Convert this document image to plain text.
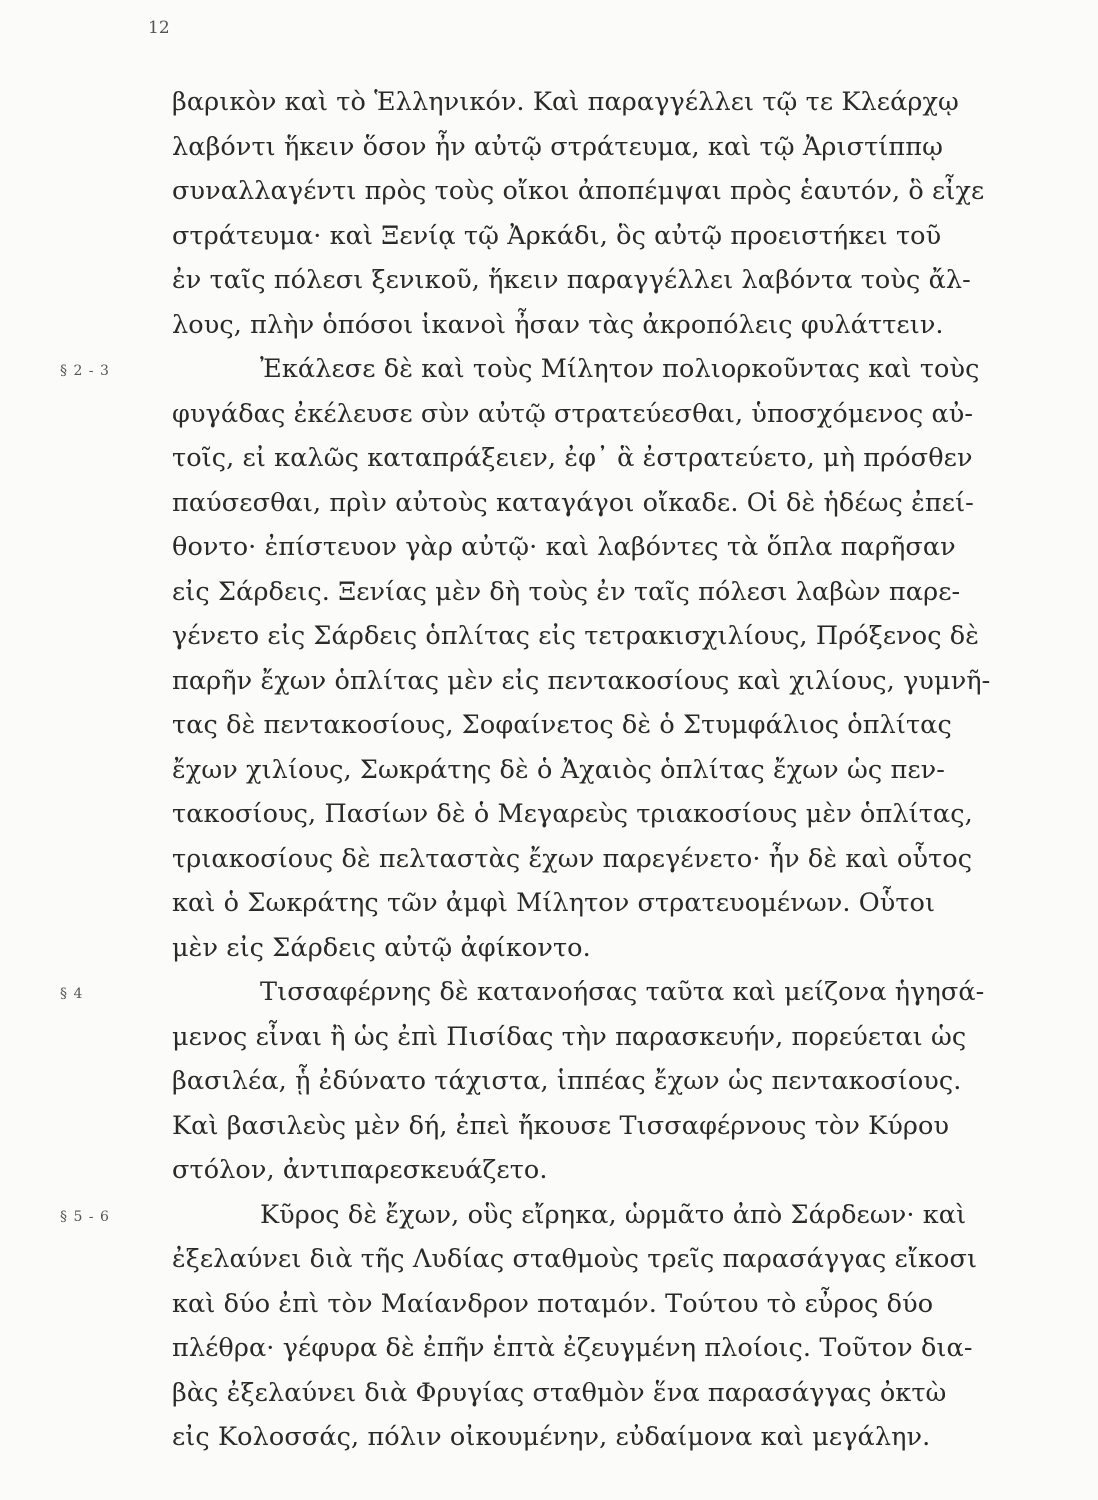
12
βαρικὸν καὶ τὸ Ἑλληνικόν. Καὶ παραγγέλλει τῷ τε Κλεάρχῳ
λαβόντι ἥκειν ὅσον ἦν αὐτῷ στράτευμα, καὶ τῷ Ἀριστίππῳ
συναλλαγέντι πρὸς τοὺς οἴκοι ἀποπέμψαι πρὸς ἑαυτόν, ὃ εἶχε
στράτευμα· καὶ Ξενίᾳ τῷ Ἀρκάδι, ὃς αὐτῷ προειστήκει τοῦ
ἐν ταῖς πόλεσι ξενικοῦ, ἥκειν παραγγέλλει λαβόντα τοὺς ἄλ-
λους, πλὴν ὁπόσοι ἱκανοὶ ἦσαν τὰς ἀκροπόλεις φυλάττειν.
§ 2 - 3	Ἐκάλεσε δὲ καὶ τοὺς Μίλητον πολιορκοῦντας καὶ τοὺς
φυγάδας ἐκέλευσε σὺν αὐτῷ στρατεύεσθαι, ὑποσχόμενος αὐ-
τοῖς, εἰ καλῶς καταπράξειεν, ἐφ᾽ ἃ ἐστρατεύετο, μὴ πρόσθεν
παύσεσθαι, πρὶν αὐτοὺς καταγάγοι οἴκαδε. Οἱ δὲ ἡδέως ἐπεί-
θοντο· ἐπίστευον γὰρ αὐτῷ· καὶ λαβόντες τὰ ὅπλα παρῆσαν
εἰς Σάρδεις. Ξενίας μὲν δὴ τοὺς ἐν ταῖς πόλεσι λαβὼν παρε-
γένετο εἰς Σάρδεις ὁπλίτας εἰς τετρακισχιλίους, Πρόξενος δὲ
παρῆν ἔχων ὁπλίτας μὲν εἰς πεντακοσίους καὶ χιλίους, γυμνῆ-
τας δὲ πεντακοσίους, Σοφαίνετος δὲ ὁ Στυμφάλιος ὁπλίτας
ἔχων χιλίους, Σωκράτης δὲ ὁ Ἀχαιὸς ὁπλίτας ἔχων ὡς πεν-
τακοσίους, Πασίων δὲ ὁ Μεγαρεὺς τριακοσίους μὲν ὁπλίτας,
τριακοσίους δὲ πελταστὰς ἔχων παρεγένετο· ἦν δὲ καὶ οὗτος
καὶ ὁ Σωκράτης τῶν ἀμφὶ Μίλητον στρατευομένων. Οὗτοι
μὲν εἰς Σάρδεις αὐτῷ ἀφίκοντο.
§ 4	Τισσαφέρνης δὲ κατανοήσας ταῦτα καὶ μείζονα ἡγησά-
μενος εἶναι ἢ ὡς ἐπὶ Πισίδας τὴν παρασκευήν, πορεύεται ὡς
βασιλέα, ᾗ ἐδύνατο τάχιστα, ἱππέας ἔχων ὡς πεντακοσίους.
Καὶ βασιλεὺς μὲν δή, ἐπεὶ ἤκουσε Τισσαφέρνους τὸν Κύρου
στόλον, ἀντιπαρεσκευάζετο.
§ 5 - 6	Κῦρος δὲ ἔχων, οὓς εἴρηκα, ὡρμᾶτο ἀπὸ Σάρδεων· καὶ
ἐξελαύνει διὰ τῆς Λυδίας σταθμοὺς τρεῖς παρασάγγας εἴκοσι
καὶ δύο ἐπὶ τὸν Μαίανδρον ποταμόν. Τούτου τὸ εὖρος δύο
πλέθρα· γέφυρα δὲ ἐπῆν ἑπτὰ ἐζευγμένη πλοίοις. Τοῦτον δια-
βὰς ἐξελαύνει διὰ Φρυγίας σταθμὸν ἕνα παρασάγγας ὀκτὼ
εἰς Κολοσσάς, πόλιν οἰκουμένην, εὐδαίμονα καὶ μεγάλην.
